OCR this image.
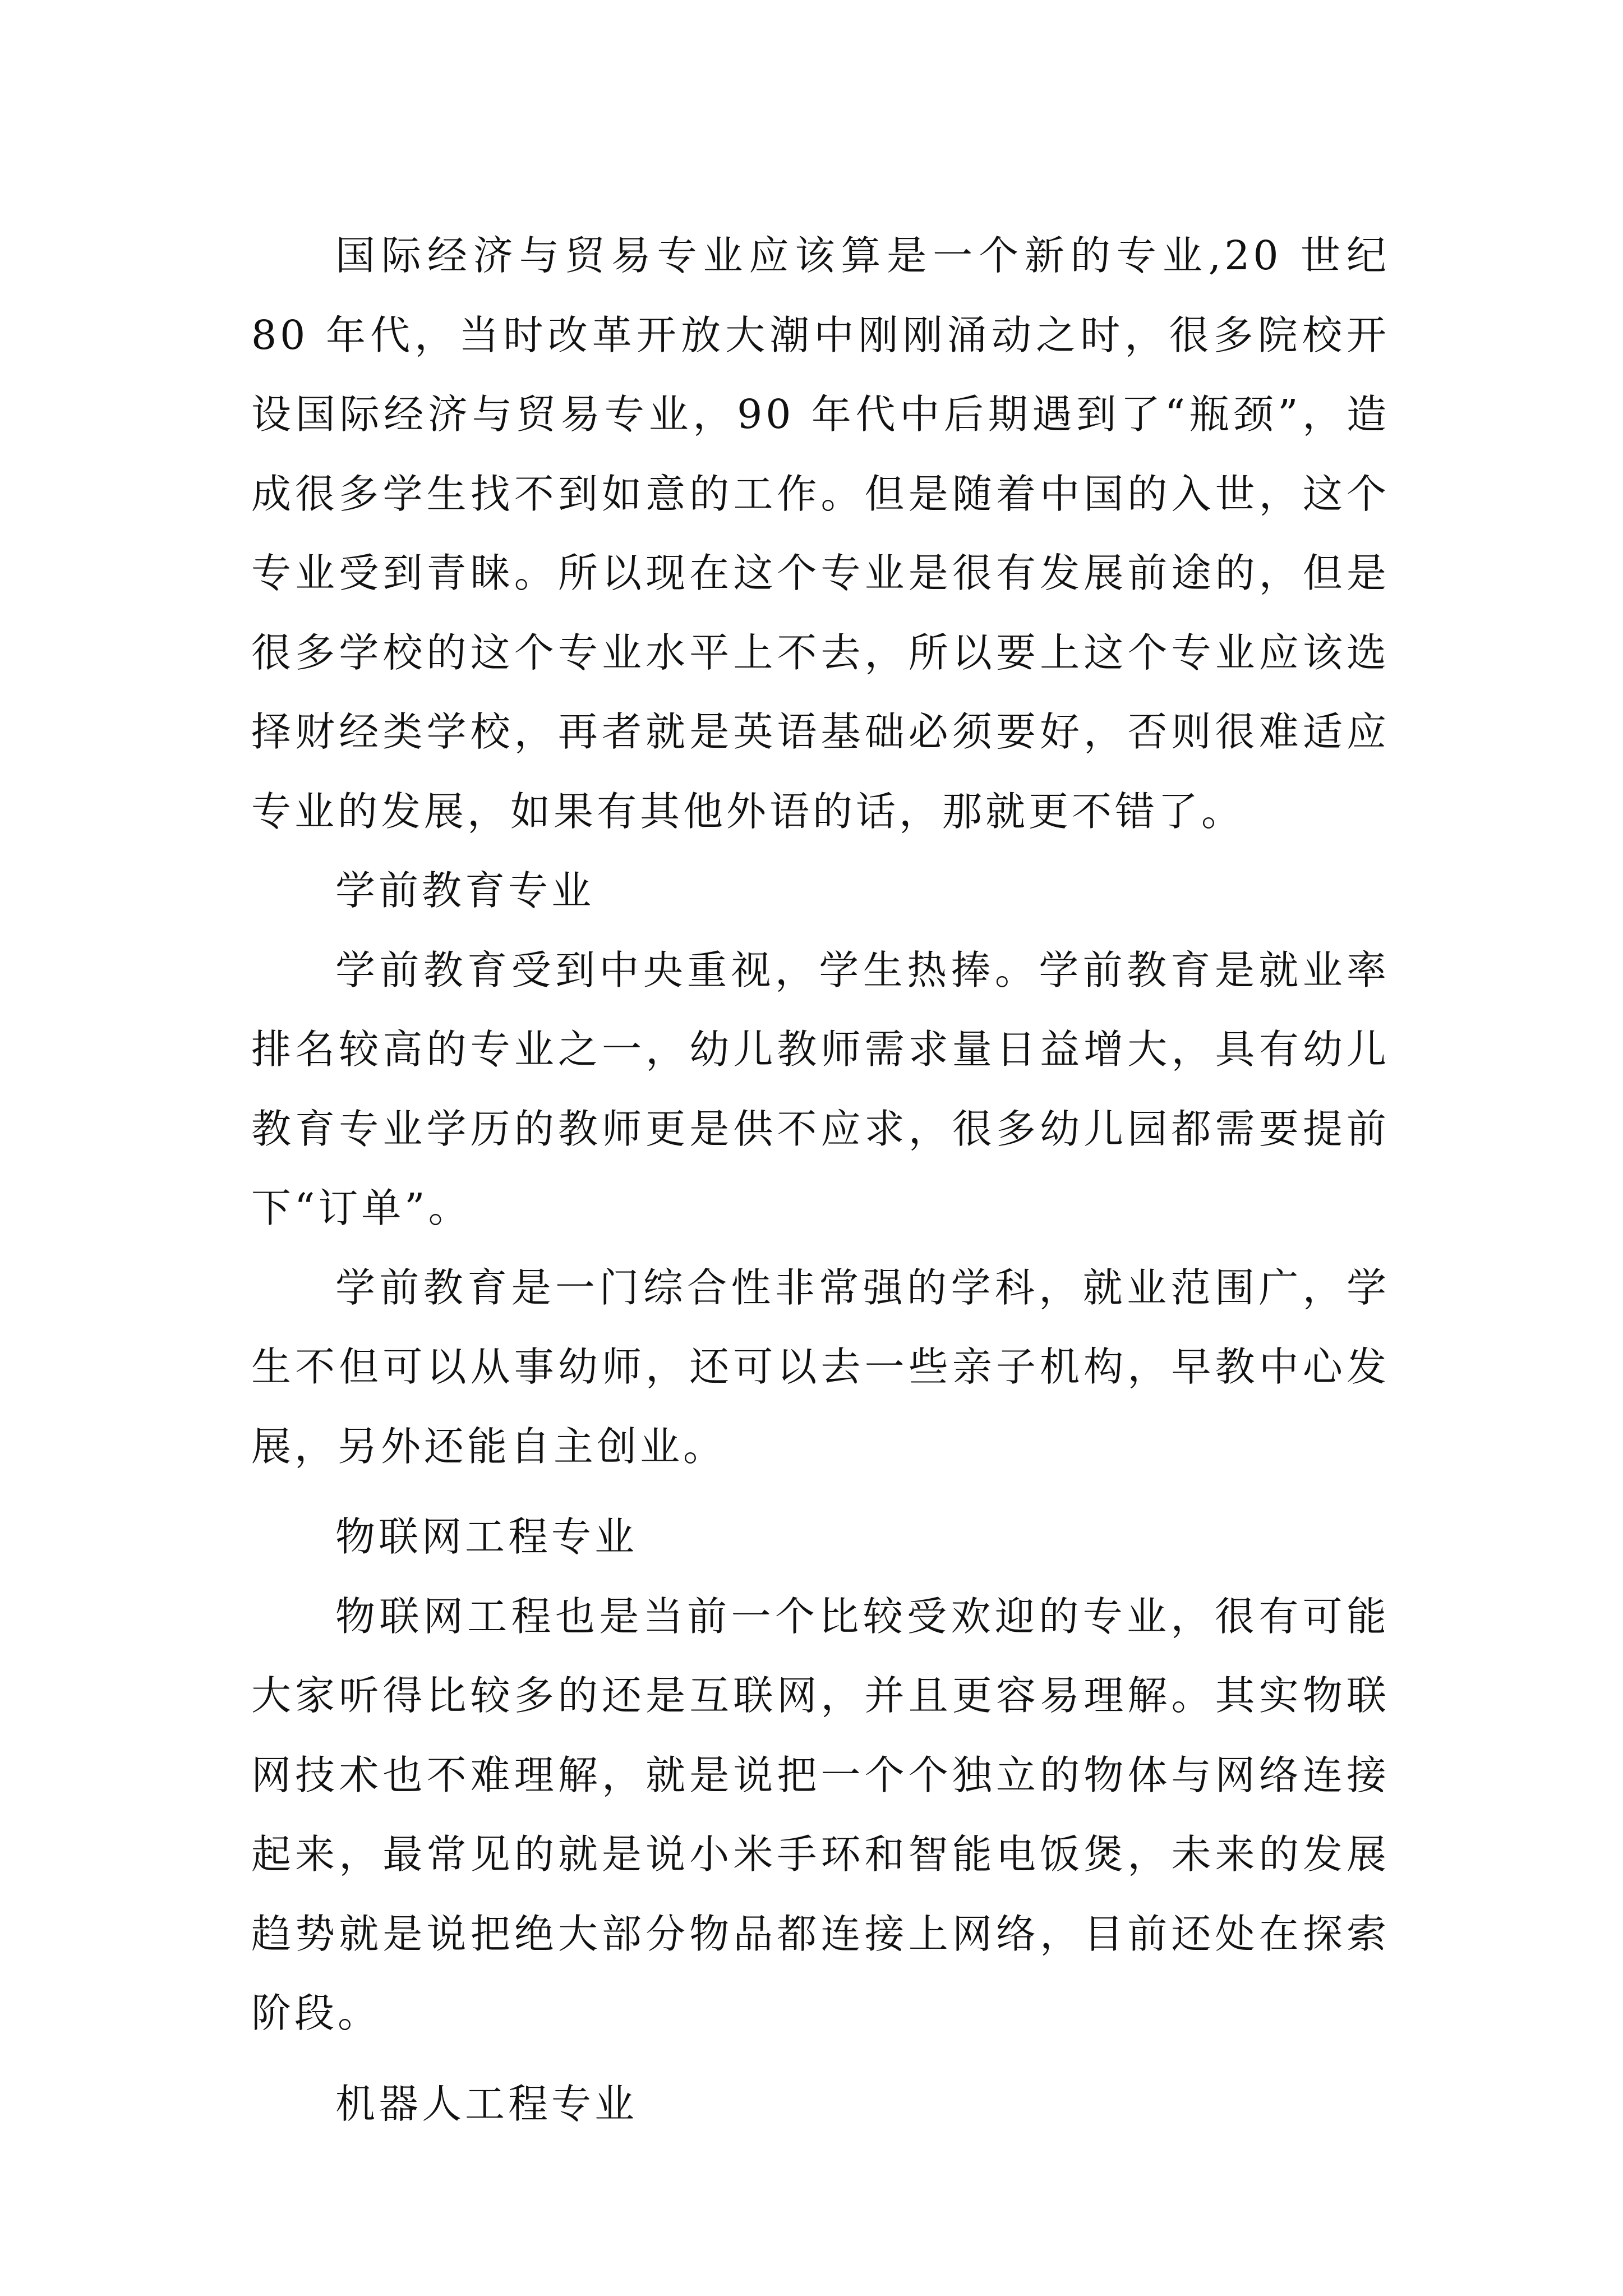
国际经济与贸易专业应该算是一个新的专业,20 世纪 80 年代，当时改革开放大潮中刚刚涌动之时，很多院校开设国际经济与贸易专业，90 年代中后期遇到了“瓶颈”，造成很多学生找不到如意的工作。但是随着中国的入世，这个专业受到青睐。所以现在这个专业是很有发展前途的，但是很多学校的这个专业水平上不去，所以要上这个专业应该选择财经类学校，再者就是英语基础必须要好，否则很难适应专业的发展，如果有其他外语的话，那就更不错了。

学前教育专业

学前教育受到中央重视，学生热捧。学前教育是就业率排名较高的专业之一，幼儿教师需求量日益增大，具有幼儿教育专业学历的教师更是供不应求，很多幼儿园都需要提前下“订单”。

学前教育是一门综合性非常强的学科，就业范围广，学生不但可以从事幼师，还可以去一些亲子机构，早教中心发展，另外还能自主创业。

物联网工程专业

物联网工程也是当前一个比较受欢迎的专业，很有可能大家听得比较多的还是互联网，并且更容易理解。其实物联网技术也不难理解，就是说把一个个独立的物体与网络连接起来，最常见的就是说小米手环和智能电饭煲，未来的发展趋势就是说把绝大部分物品都连接上网络，目前还处在探索阶段。

机器人工程专业
